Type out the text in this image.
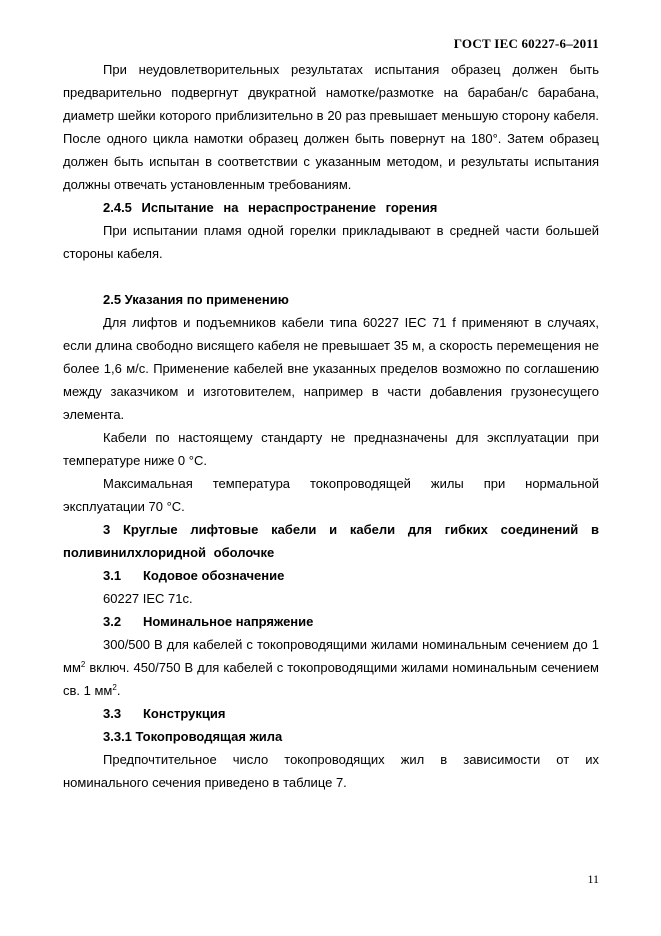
ГОСТ IEC 60227-6–2011

При неудовлетворительных результатах испытания образец должен быть предварительно подвергнут двукратной намотке/размотке на барабан/с барабана, диаметр шейки которого приблизительно в 20 раз превышает меньшую сторону кабеля. После одного цикла намотки образец должен быть повернут на 180°. Затем образец должен быть испытан в соответствии с указанным методом, и результаты испытания должны отвечать установленным требованиям.

2.4.5 Испытание на нераспространение горения

При испытании пламя одной горелки прикладывают в средней части большей стороны кабеля.

2.5 Указания по применению

Для лифтов и подъемников кабели типа 60227 IEC 71 f применяют в случаях, если длина свободно висящего кабеля не превышает 35 м, а скорость перемещения не более 1,6 м/с. Применение кабелей вне указанных пределов возможно по соглашению между заказчиком и изготовителем, например в части добавления грузонесущего элемента.

Кабели по настоящему стандарту не предназначены для эксплуатации при температуре ниже 0 °С.

Максимальная температура токопроводящей жилы при нормальной эксплуатации 70 °С.

3 Круглые лифтовые кабели и кабели для гибких соединений в поливинилхлоридной оболочке

3.1 Кодовое обозначение

60227 IEC 71c.

3.2 Номинальное напряжение

300/500 В для кабелей с токопроводящими жилами номинальным сечением до 1 $мм^2$ включ. 450/750 В для кабелей с токопроводящими жилами номинальным сечением св. 1 $мм^2$.

3.3 Конструкция

3.3.1 Токопроводящая жила

Предпочтительное число токопроводящих жил в зависимости от их номинального сечения приведено в таблице 7.

11
